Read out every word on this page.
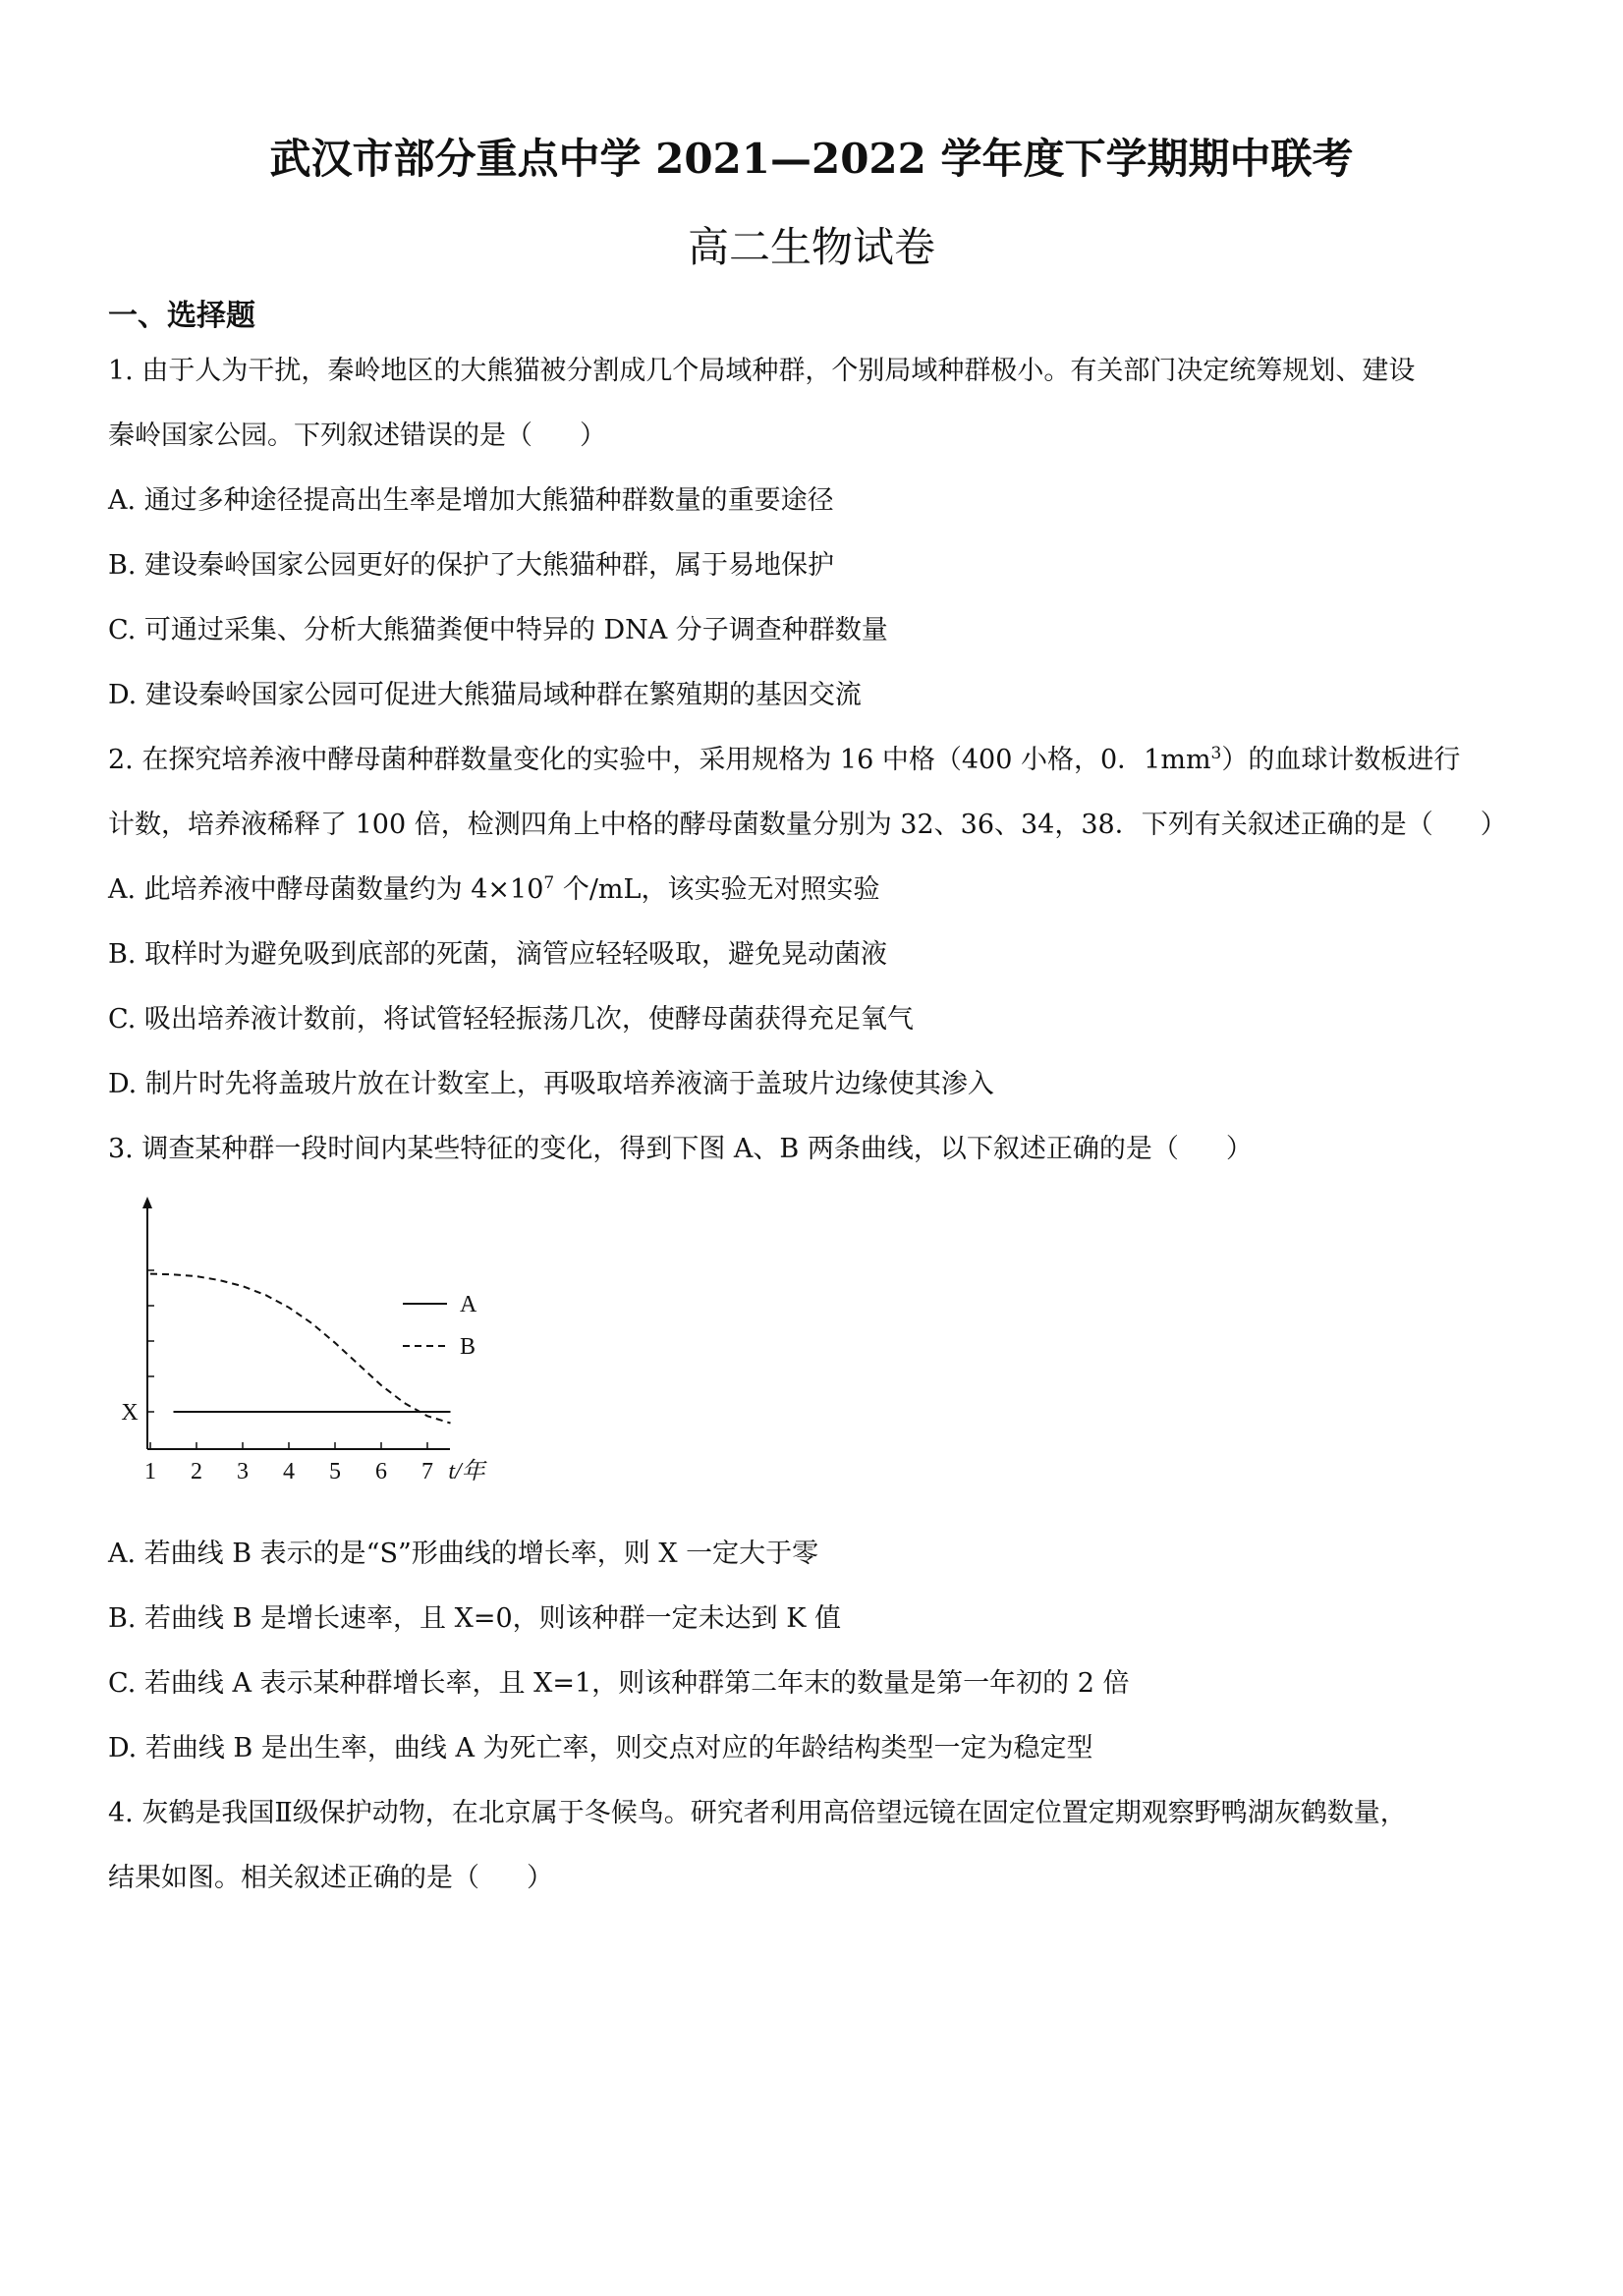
武汉市部分重点中学 2021—2022 学年度下学期期中联考
高二生物试卷
一、选择题
1. 由于人为干扰，秦岭地区的大熊猫被分割成几个局域种群，个别局域种群极小。有关部门决定统筹规划、建设
秦岭国家公园。下列叙述错误的是（ ）
A. 通过多种途径提高出生率是增加大熊猫种群数量的重要途径
B. 建设秦岭国家公园更好的保护了大熊猫种群，属于易地保护
C. 可通过采集、分析大熊猫粪便中特异的 DNA 分子调查种群数量
D. 建设秦岭国家公园可促进大熊猫局域种群在繁殖期的基因交流
2. 在探究培养液中酵母菌种群数量变化的实验中，采用规格为 16 中格（400 小格，0．$1mm^3$）的血球计数板进行
计数，培养液稀释了 100 倍，检测四角上中格的酵母菌数量分别为 32、36、34，38．下列有关叙述正确的是（ ）
A. 此培养液中酵母菌数量约为 $4\times 10^7$ 个/mL，该实验无对照实验
B. 取样时为避免吸到底部的死菌，滴管应轻轻吸取，避免晃动菌液
C. 吸出培养液计数前，将试管轻轻振荡几次，使酵母菌获得充足氧气
D. 制片时先将盖玻片放在计数室上，再吸取培养液滴于盖玻片边缘使其渗入
3. 调查某种群一段时间内某些特征的变化，得到下图 A、B 两条曲线，以下叙述正确的是（ ）
A. 若曲线 B 表示的是“S”形曲线的增长率，则 X 一定大于零
B. 若曲线 B 是增长速率，且 X=0，则该种群一定未达到 K 值
C. 若曲线 A 表示某种群增长率，且 X=1，则该种群第二年末的数量是第一年初的 2 倍
D. 若曲线 B 是出生率，曲线 A 为死亡率，则交点对应的年龄结构类型一定为稳定型
4. 灰鹤是我国Ⅱ级保护动物，在北京属于冬候鸟。研究者利用高倍望远镜在固定位置定期观察野鸭湖灰鹤数量，
结果如图。相关叙述正确的是（ ）
1 2 3 4 5 6 7 t/年
X
A
B
